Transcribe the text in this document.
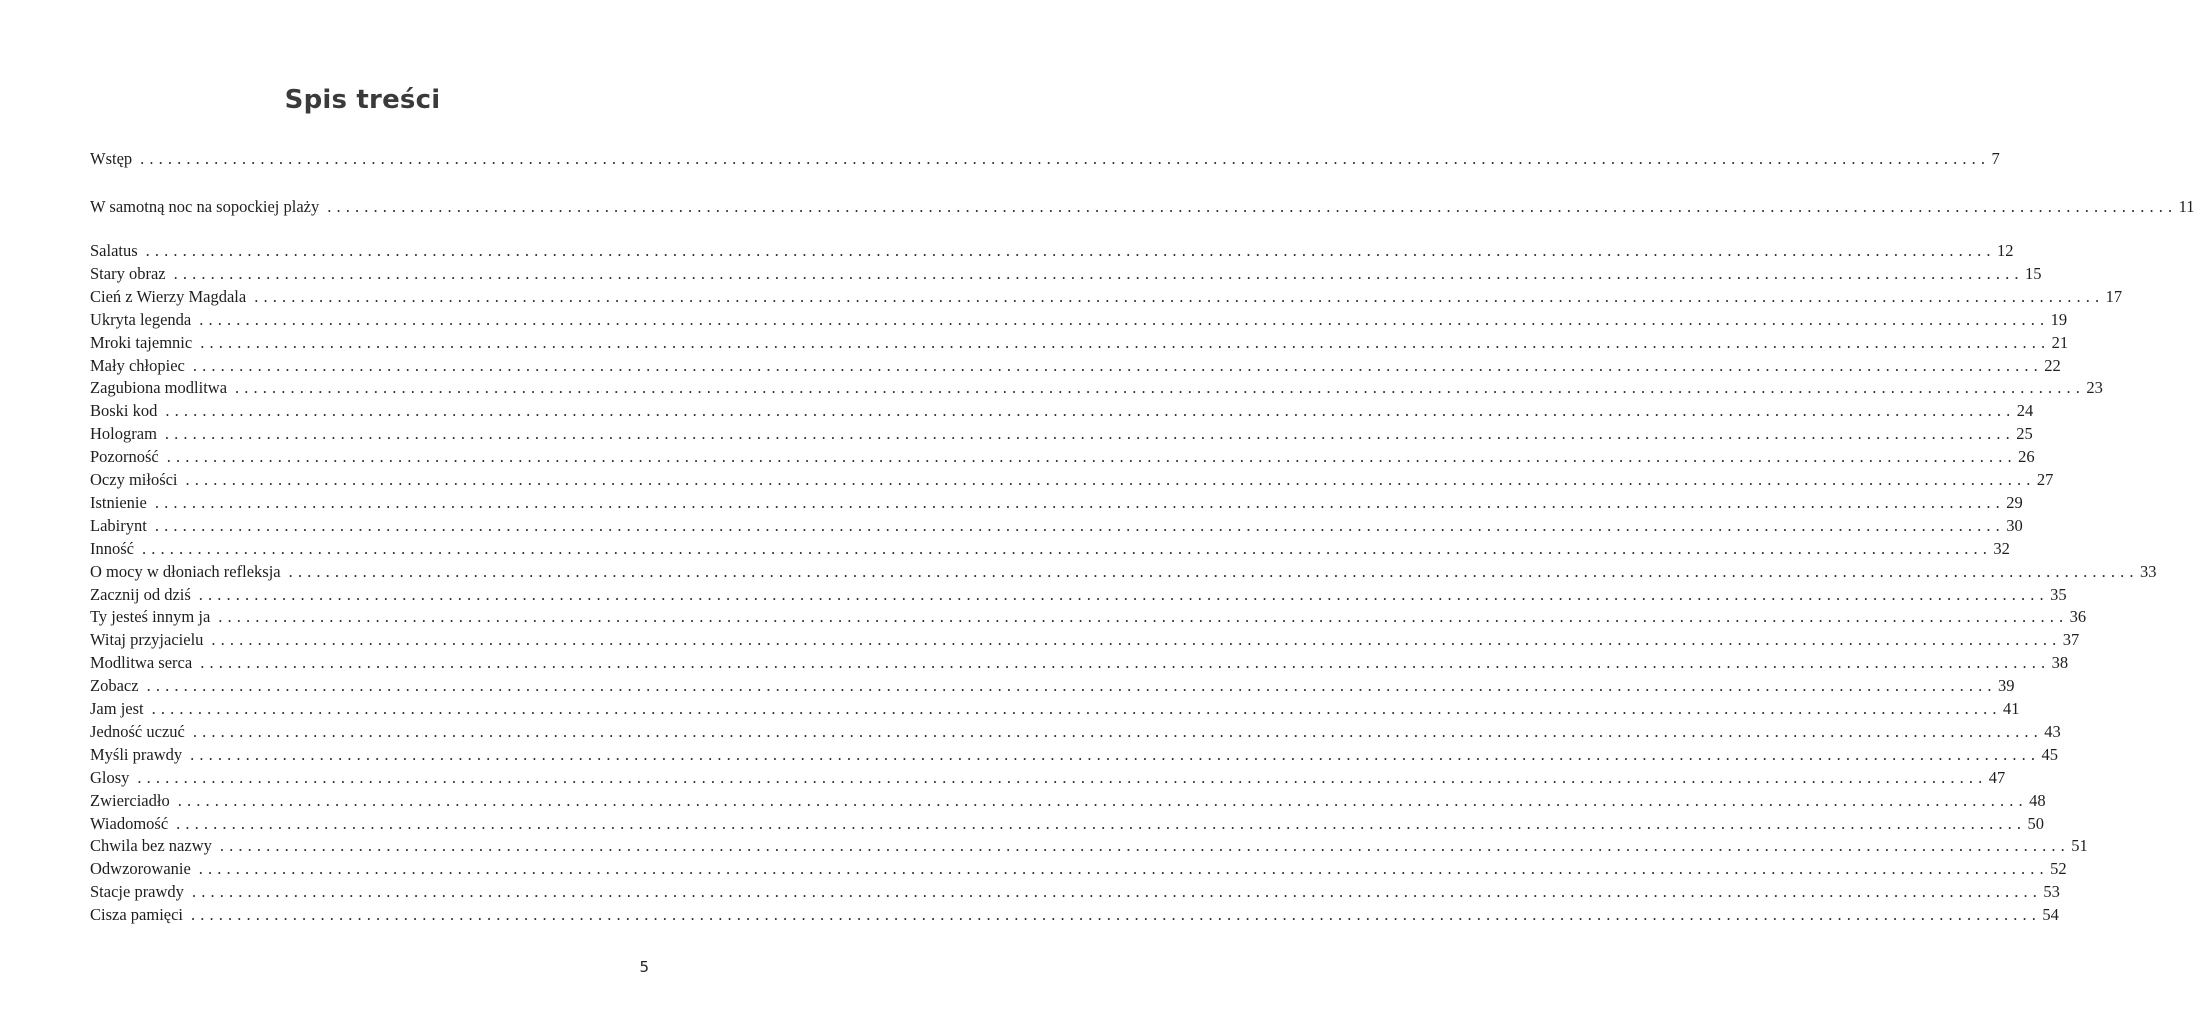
Spis treści
Wstęp . . . . . . . . . . . . . . . . . . . . . . . . . . . . . . . . . . . . . . . . . . . . . . . . . . . . . . . . . . . . . . . . . . . . . . . . . . . . . . . . . . . . . . . . . . . . . . . . . . . . . . . . . . . . . . . . . . . . . . . . . . . . . . . . . . . . . . . . . . . . . . . . . . . . . . . . . . . . . . . . . . . . . . . . . . . . . . . . . . . . . . . . . . . . . . . . . . . . . . . . 7
W samotną noc na sopockiej plaży . . . . . . . . . . . . . . . . . . . . . . . . . . . . . . . . . . . . . . . . . . . . . . . . . . . . . . . . . . . . . . . . . . . . . . . . . . . . . . . . . . . . . . . . . . . . . . . . . . . . . . . . . . . . . . . . . . . . . . . . . . . . . . . . . . . . . . . . . . . . . . . . . . . . . . . . . . . . . . . . . . . . . . . . . . . . . . . . . . . . . . . . . . . . . . . . . . . . . . . . 11
Salatus . . . . . . . . . . . . . . . . . . . . . . . . . . . . . . . . . . . . . . . . . . . . . . . . . . . . . . . . . . . . . . . . . . . . . . . . . . . . . . . . . . . . . . . . . . . . . . . . . . . . . . . . . . . . . . . . . . . . . . . . . . . . . . . . . . . . . . . . . . . . . . . . . . . . . . . . . . . . . . . . . . . . . . . . . . . . . . . . . . . . . . . . . . . . . . . . . . . . . . . . 12
Stary obraz . . . . . . . . . . . . . . . . . . . . . . . . . . . . . . . . . . . . . . . . . . . . . . . . . . . . . . . . . . . . . . . . . . . . . . . . . . . . . . . . . . . . . . . . . . . . . . . . . . . . . . . . . . . . . . . . . . . . . . . . . . . . . . . . . . . . . . . . . . . . . . . . . . . . . . . . . . . . . . . . . . . . . . . . . . . . . . . . . . . . . . . . . . . . . . . . . . . . . . . . 15
Cień z Wierzy Magdala . . . . . . . . . . . . . . . . . . . . . . . . . . . . . . . . . . . . . . . . . . . . . . . . . . . . . . . . . . . . . . . . . . . . . . . . . . . . . . . . . . . . . . . . . . . . . . . . . . . . . . . . . . . . . . . . . . . . . . . . . . . . . . . . . . . . . . . . . . . . . . . . . . . . . . . . . . . . . . . . . . . . . . . . . . . . . . . . . . . . . . . . . . . . . . . . . . . . . . . . 17
Ukryta legenda . . . . . . . . . . . . . . . . . . . . . . . . . . . . . . . . . . . . . . . . . . . . . . . . . . . . . . . . . . . . . . . . . . . . . . . . . . . . . . . . . . . . . . . . . . . . . . . . . . . . . . . . . . . . . . . . . . . . . . . . . . . . . . . . . . . . . . . . . . . . . . . . . . . . . . . . . . . . . . . . . . . . . . . . . . . . . . . . . . . . . . . . . . . . . . . . . . . . . . . . 19
Mroki tajemnic . . . . . . . . . . . . . . . . . . . . . . . . . . . . . . . . . . . . . . . . . . . . . . . . . . . . . . . . . . . . . . . . . . . . . . . . . . . . . . . . . . . . . . . . . . . . . . . . . . . . . . . . . . . . . . . . . . . . . . . . . . . . . . . . . . . . . . . . . . . . . . . . . . . . . . . . . . . . . . . . . . . . . . . . . . . . . . . . . . . . . . . . . . . . . . . . . . . . . . . . 21
Mały chłopiec . . . . . . . . . . . . . . . . . . . . . . . . . . . . . . . . . . . . . . . . . . . . . . . . . . . . . . . . . . . . . . . . . . . . . . . . . . . . . . . . . . . . . . . . . . . . . . . . . . . . . . . . . . . . . . . . . . . . . . . . . . . . . . . . . . . . . . . . . . . . . . . . . . . . . . . . . . . . . . . . . . . . . . . . . . . . . . . . . . . . . . . . . . . . . . . . . . . . . . . . 22
Zagubiona modlitwa . . . . . . . . . . . . . . . . . . . . . . . . . . . . . . . . . . . . . . . . . . . . . . . . . . . . . . . . . . . . . . . . . . . . . . . . . . . . . . . . . . . . . . . . . . . . . . . . . . . . . . . . . . . . . . . . . . . . . . . . . . . . . . . . . . . . . . . . . . . . . . . . . . . . . . . . . . . . . . . . . . . . . . . . . . . . . . . . . . . . . . . . . . . . . . . . . . . . . . . . 23
Boski kod . . . . . . . . . . . . . . . . . . . . . . . . . . . . . . . . . . . . . . . . . . . . . . . . . . . . . . . . . . . . . . . . . . . . . . . . . . . . . . . . . . . . . . . . . . . . . . . . . . . . . . . . . . . . . . . . . . . . . . . . . . . . . . . . . . . . . . . . . . . . . . . . . . . . . . . . . . . . . . . . . . . . . . . . . . . . . . . . . . . . . . . . . . . . . . . . . . . . . . . . 24
Hologram . . . . . . . . . . . . . . . . . . . . . . . . . . . . . . . . . . . . . . . . . . . . . . . . . . . . . . . . . . . . . . . . . . . . . . . . . . . . . . . . . . . . . . . . . . . . . . . . . . . . . . . . . . . . . . . . . . . . . . . . . . . . . . . . . . . . . . . . . . . . . . . . . . . . . . . . . . . . . . . . . . . . . . . . . . . . . . . . . . . . . . . . . . . . . . . . . . . . . . . . 25
Pozorność . . . . . . . . . . . . . . . . . . . . . . . . . . . . . . . . . . . . . . . . . . . . . . . . . . . . . . . . . . . . . . . . . . . . . . . . . . . . . . . . . . . . . . . . . . . . . . . . . . . . . . . . . . . . . . . . . . . . . . . . . . . . . . . . . . . . . . . . . . . . . . . . . . . . . . . . . . . . . . . . . . . . . . . . . . . . . . . . . . . . . . . . . . . . . . . . . . . . . . . . 26
Oczy miłości . . . . . . . . . . . . . . . . . . . . . . . . . . . . . . . . . . . . . . . . . . . . . . . . . . . . . . . . . . . . . . . . . . . . . . . . . . . . . . . . . . . . . . . . . . . . . . . . . . . . . . . . . . . . . . . . . . . . . . . . . . . . . . . . . . . . . . . . . . . . . . . . . . . . . . . . . . . . . . . . . . . . . . . . . . . . . . . . . . . . . . . . . . . . . . . . . . . . . . . . 27
Istnienie . . . . . . . . . . . . . . . . . . . . . . . . . . . . . . . . . . . . . . . . . . . . . . . . . . . . . . . . . . . . . . . . . . . . . . . . . . . . . . . . . . . . . . . . . . . . . . . . . . . . . . . . . . . . . . . . . . . . . . . . . . . . . . . . . . . . . . . . . . . . . . . . . . . . . . . . . . . . . . . . . . . . . . . . . . . . . . . . . . . . . . . . . . . . . . . . . . . . . . . . 29
Labirynt . . . . . . . . . . . . . . . . . . . . . . . . . . . . . . . . . . . . . . . . . . . . . . . . . . . . . . . . . . . . . . . . . . . . . . . . . . . . . . . . . . . . . . . . . . . . . . . . . . . . . . . . . . . . . . . . . . . . . . . . . . . . . . . . . . . . . . . . . . . . . . . . . . . . . . . . . . . . . . . . . . . . . . . . . . . . . . . . . . . . . . . . . . . . . . . . . . . . . . . . 30
Inność . . . . . . . . . . . . . . . . . . . . . . . . . . . . . . . . . . . . . . . . . . . . . . . . . . . . . . . . . . . . . . . . . . . . . . . . . . . . . . . . . . . . . . . . . . . . . . . . . . . . . . . . . . . . . . . . . . . . . . . . . . . . . . . . . . . . . . . . . . . . . . . . . . . . . . . . . . . . . . . . . . . . . . . . . . . . . . . . . . . . . . . . . . . . . . . . . . . . . . . . 32
O mocy w dłoniach refleksja . . . . . . . . . . . . . . . . . . . . . . . . . . . . . . . . . . . . . . . . . . . . . . . . . . . . . . . . . . . . . . . . . . . . . . . . . . . . . . . . . . . . . . . . . . . . . . . . . . . . . . . . . . . . . . . . . . . . . . . . . . . . . . . . . . . . . . . . . . . . . . . . . . . . . . . . . . . . . . . . . . . . . . . . . . . . . . . . . . . . . . . . . . . . . . . . . . . . . . . . 33
Zacznij od dziś . . . . . . . . . . . . . . . . . . . . . . . . . . . . . . . . . . . . . . . . . . . . . . . . . . . . . . . . . . . . . . . . . . . . . . . . . . . . . . . . . . . . . . . . . . . . . . . . . . . . . . . . . . . . . . . . . . . . . . . . . . . . . . . . . . . . . . . . . . . . . . . . . . . . . . . . . . . . . . . . . . . . . . . . . . . . . . . . . . . . . . . . . . . . . . . . . . . . . . . . 35
Ty jesteś innym ja . . . . . . . . . . . . . . . . . . . . . . . . . . . . . . . . . . . . . . . . . . . . . . . . . . . . . . . . . . . . . . . . . . . . . . . . . . . . . . . . . . . . . . . . . . . . . . . . . . . . . . . . . . . . . . . . . . . . . . . . . . . . . . . . . . . . . . . . . . . . . . . . . . . . . . . . . . . . . . . . . . . . . . . . . . . . . . . . . . . . . . . . . . . . . . . . . . . . . . . . 36
Witaj przyjacielu . . . . . . . . . . . . . . . . . . . . . . . . . . . . . . . . . . . . . . . . . . . . . . . . . . . . . . . . . . . . . . . . . . . . . . . . . . . . . . . . . . . . . . . . . . . . . . . . . . . . . . . . . . . . . . . . . . . . . . . . . . . . . . . . . . . . . . . . . . . . . . . . . . . . . . . . . . . . . . . . . . . . . . . . . . . . . . . . . . . . . . . . . . . . . . . . . . . . . . . . 37
Modlitwa serca . . . . . . . . . . . . . . . . . . . . . . . . . . . . . . . . . . . . . . . . . . . . . . . . . . . . . . . . . . . . . . . . . . . . . . . . . . . . . . . . . . . . . . . . . . . . . . . . . . . . . . . . . . . . . . . . . . . . . . . . . . . . . . . . . . . . . . . . . . . . . . . . . . . . . . . . . . . . . . . . . . . . . . . . . . . . . . . . . . . . . . . . . . . . . . . . . . . . . . . . 38
Zobacz . . . . . . . . . . . . . . . . . . . . . . . . . . . . . . . . . . . . . . . . . . . . . . . . . . . . . . . . . . . . . . . . . . . . . . . . . . . . . . . . . . . . . . . . . . . . . . . . . . . . . . . . . . . . . . . . . . . . . . . . . . . . . . . . . . . . . . . . . . . . . . . . . . . . . . . . . . . . . . . . . . . . . . . . . . . . . . . . . . . . . . . . . . . . . . . . . . . . . . . . 39
Jam jest . . . . . . . . . . . . . . . . . . . . . . . . . . . . . . . . . . . . . . . . . . . . . . . . . . . . . . . . . . . . . . . . . . . . . . . . . . . . . . . . . . . . . . . . . . . . . . . . . . . . . . . . . . . . . . . . . . . . . . . . . . . . . . . . . . . . . . . . . . . . . . . . . . . . . . . . . . . . . . . . . . . . . . . . . . . . . . . . . . . . . . . . . . . . . . . . . . . . . . . . 41
Jedność uczuć . . . . . . . . . . . . . . . . . . . . . . . . . . . . . . . . . . . . . . . . . . . . . . . . . . . . . . . . . . . . . . . . . . . . . . . . . . . . . . . . . . . . . . . . . . . . . . . . . . . . . . . . . . . . . . . . . . . . . . . . . . . . . . . . . . . . . . . . . . . . . . . . . . . . . . . . . . . . . . . . . . . . . . . . . . . . . . . . . . . . . . . . . . . . . . . . . . . . . . . . 43
Myśli prawdy . . . . . . . . . . . . . . . . . . . . . . . . . . . . . . . . . . . . . . . . . . . . . . . . . . . . . . . . . . . . . . . . . . . . . . . . . . . . . . . . . . . . . . . . . . . . . . . . . . . . . . . . . . . . . . . . . . . . . . . . . . . . . . . . . . . . . . . . . . . . . . . . . . . . . . . . . . . . . . . . . . . . . . . . . . . . . . . . . . . . . . . . . . . . . . . . . . . . . . . . 45
Glosy . . . . . . . . . . . . . . . . . . . . . . . . . . . . . . . . . . . . . . . . . . . . . . . . . . . . . . . . . . . . . . . . . . . . . . . . . . . . . . . . . . . . . . . . . . . . . . . . . . . . . . . . . . . . . . . . . . . . . . . . . . . . . . . . . . . . . . . . . . . . . . . . . . . . . . . . . . . . . . . . . . . . . . . . . . . . . . . . . . . . . . . . . . . . . . . . . . . . . . . . 47
Zwierciadło . . . . . . . . . . . . . . . . . . . . . . . . . . . . . . . . . . . . . . . . . . . . . . . . . . . . . . . . . . . . . . . . . . . . . . . . . . . . . . . . . . . . . . . . . . . . . . . . . . . . . . . . . . . . . . . . . . . . . . . . . . . . . . . . . . . . . . . . . . . . . . . . . . . . . . . . . . . . . . . . . . . . . . . . . . . . . . . . . . . . . . . . . . . . . . . . . . . . . . . . 48
Wiadomość . . . . . . . . . . . . . . . . . . . . . . . . . . . . . . . . . . . . . . . . . . . . . . . . . . . . . . . . . . . . . . . . . . . . . . . . . . . . . . . . . . . . . . . . . . . . . . . . . . . . . . . . . . . . . . . . . . . . . . . . . . . . . . . . . . . . . . . . . . . . . . . . . . . . . . . . . . . . . . . . . . . . . . . . . . . . . . . . . . . . . . . . . . . . . . . . . . . . . . . . 50
Chwila bez nazwy . . . . . . . . . . . . . . . . . . . . . . . . . . . . . . . . . . . . . . . . . . . . . . . . . . . . . . . . . . . . . . . . . . . . . . . . . . . . . . . . . . . . . . . . . . . . . . . . . . . . . . . . . . . . . . . . . . . . . . . . . . . . . . . . . . . . . . . . . . . . . . . . . . . . . . . . . . . . . . . . . . . . . . . . . . . . . . . . . . . . . . . . . . . . . . . . . . . . . . . . 51
Odwzorowanie . . . . . . . . . . . . . . . . . . . . . . . . . . . . . . . . . . . . . . . . . . . . . . . . . . . . . . . . . . . . . . . . . . . . . . . . . . . . . . . . . . . . . . . . . . . . . . . . . . . . . . . . . . . . . . . . . . . . . . . . . . . . . . . . . . . . . . . . . . . . . . . . . . . . . . . . . . . . . . . . . . . . . . . . . . . . . . . . . . . . . . . . . . . . . . . . . . . . . . . . 52
Stacje prawdy . . . . . . . . . . . . . . . . . . . . . . . . . . . . . . . . . . . . . . . . . . . . . . . . . . . . . . . . . . . . . . . . . . . . . . . . . . . . . . . . . . . . . . . . . . . . . . . . . . . . . . . . . . . . . . . . . . . . . . . . . . . . . . . . . . . . . . . . . . . . . . . . . . . . . . . . . . . . . . . . . . . . . . . . . . . . . . . . . . . . . . . . . . . . . . . . . . . . . . . . 53
Cisza pamięci . . . . . . . . . . . . . . . . . . . . . . . . . . . . . . . . . . . . . . . . . . . . . . . . . . . . . . . . . . . . . . . . . . . . . . . . . . . . . . . . . . . . . . . . . . . . . . . . . . . . . . . . . . . . . . . . . . . . . . . . . . . . . . . . . . . . . . . . . . . . . . . . . . . . . . . . . . . . . . . . . . . . . . . . . . . . . . . . . . . . . . . . . . . . . . . . . . . . . . . . 54
5
